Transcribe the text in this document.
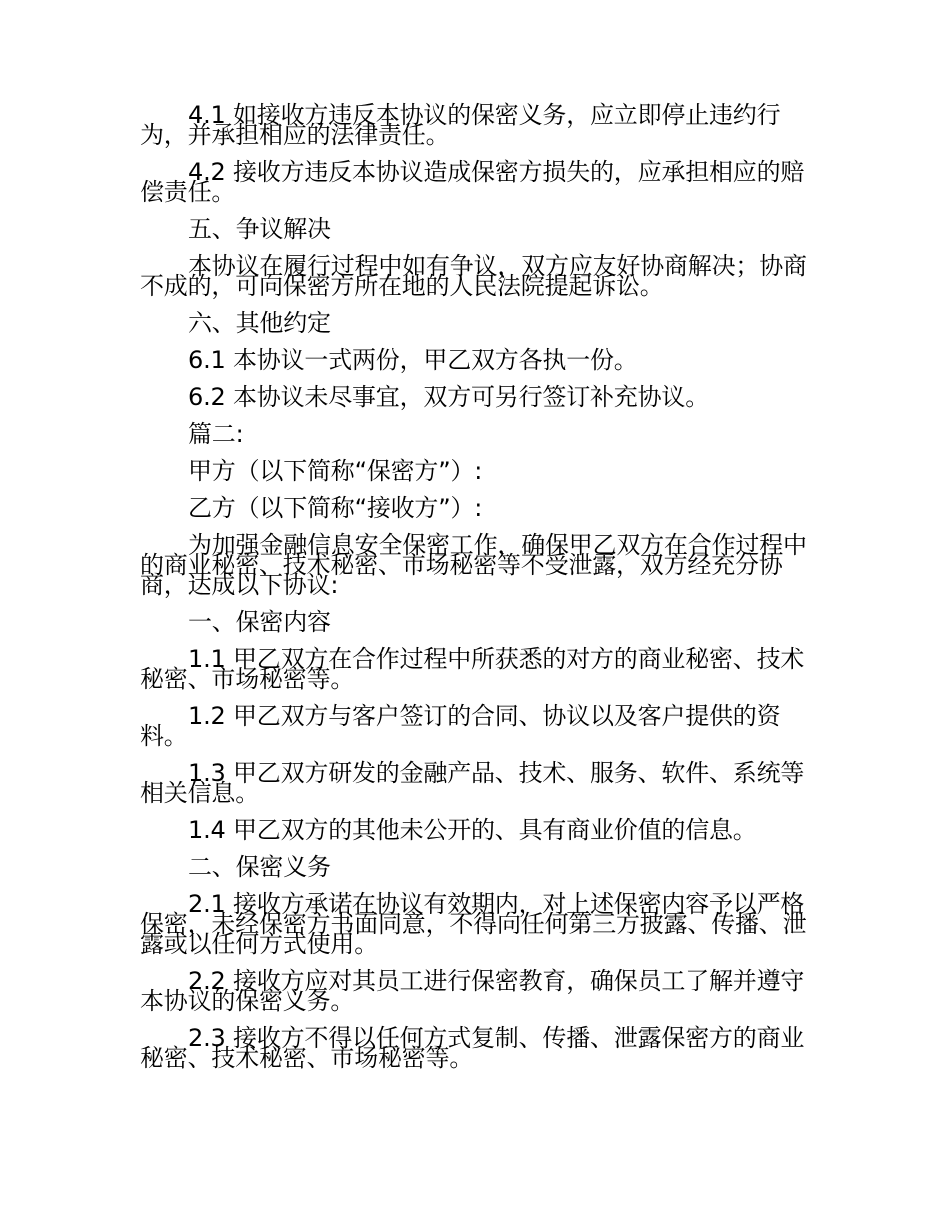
4.1 如接收方违反本协议的保密义务，应立即停止违约行为，并承担相应的法律责任。

4.2 接收方违反本协议造成保密方损失的，应承担相应的赔偿责任。

五、争议解决

本协议在履行过程中如有争议，双方应友好协商解决；协商不成的，可向保密方所在地的人民法院提起诉讼。

六、其他约定

6.1 本协议一式两份，甲乙双方各执一份。

6.2 本协议未尽事宜，双方可另行签订补充协议。

篇二:

甲方（以下简称“保密方”）:

乙方（以下简称“接收方”）:

为加强金融信息安全保密工作，确保甲乙双方在合作过程中的商业秘密、技术秘密、市场秘密等不受泄露，双方经充分协商，达成以下协议:

一、保密内容

1.1 甲乙双方在合作过程中所获悉的对方的商业秘密、技术秘密、市场秘密等。

1.2 甲乙双方与客户签订的合同、协议以及客户提供的资料。

1.3 甲乙双方研发的金融产品、技术、服务、软件、系统等相关信息。

1.4 甲乙双方的其他未公开的、具有商业价值的信息。

二、保密义务

2.1 接收方承诺在协议有效期内，对上述保密内容予以严格保密，未经保密方书面同意，不得向任何第三方披露、传播、泄露或以任何方式使用。

2.2 接收方应对其员工进行保密教育，确保员工了解并遵守本协议的保密义务。

2.3 接收方不得以任何方式复制、传播、泄露保密方的商业秘密、技术秘密、市场秘密等。
